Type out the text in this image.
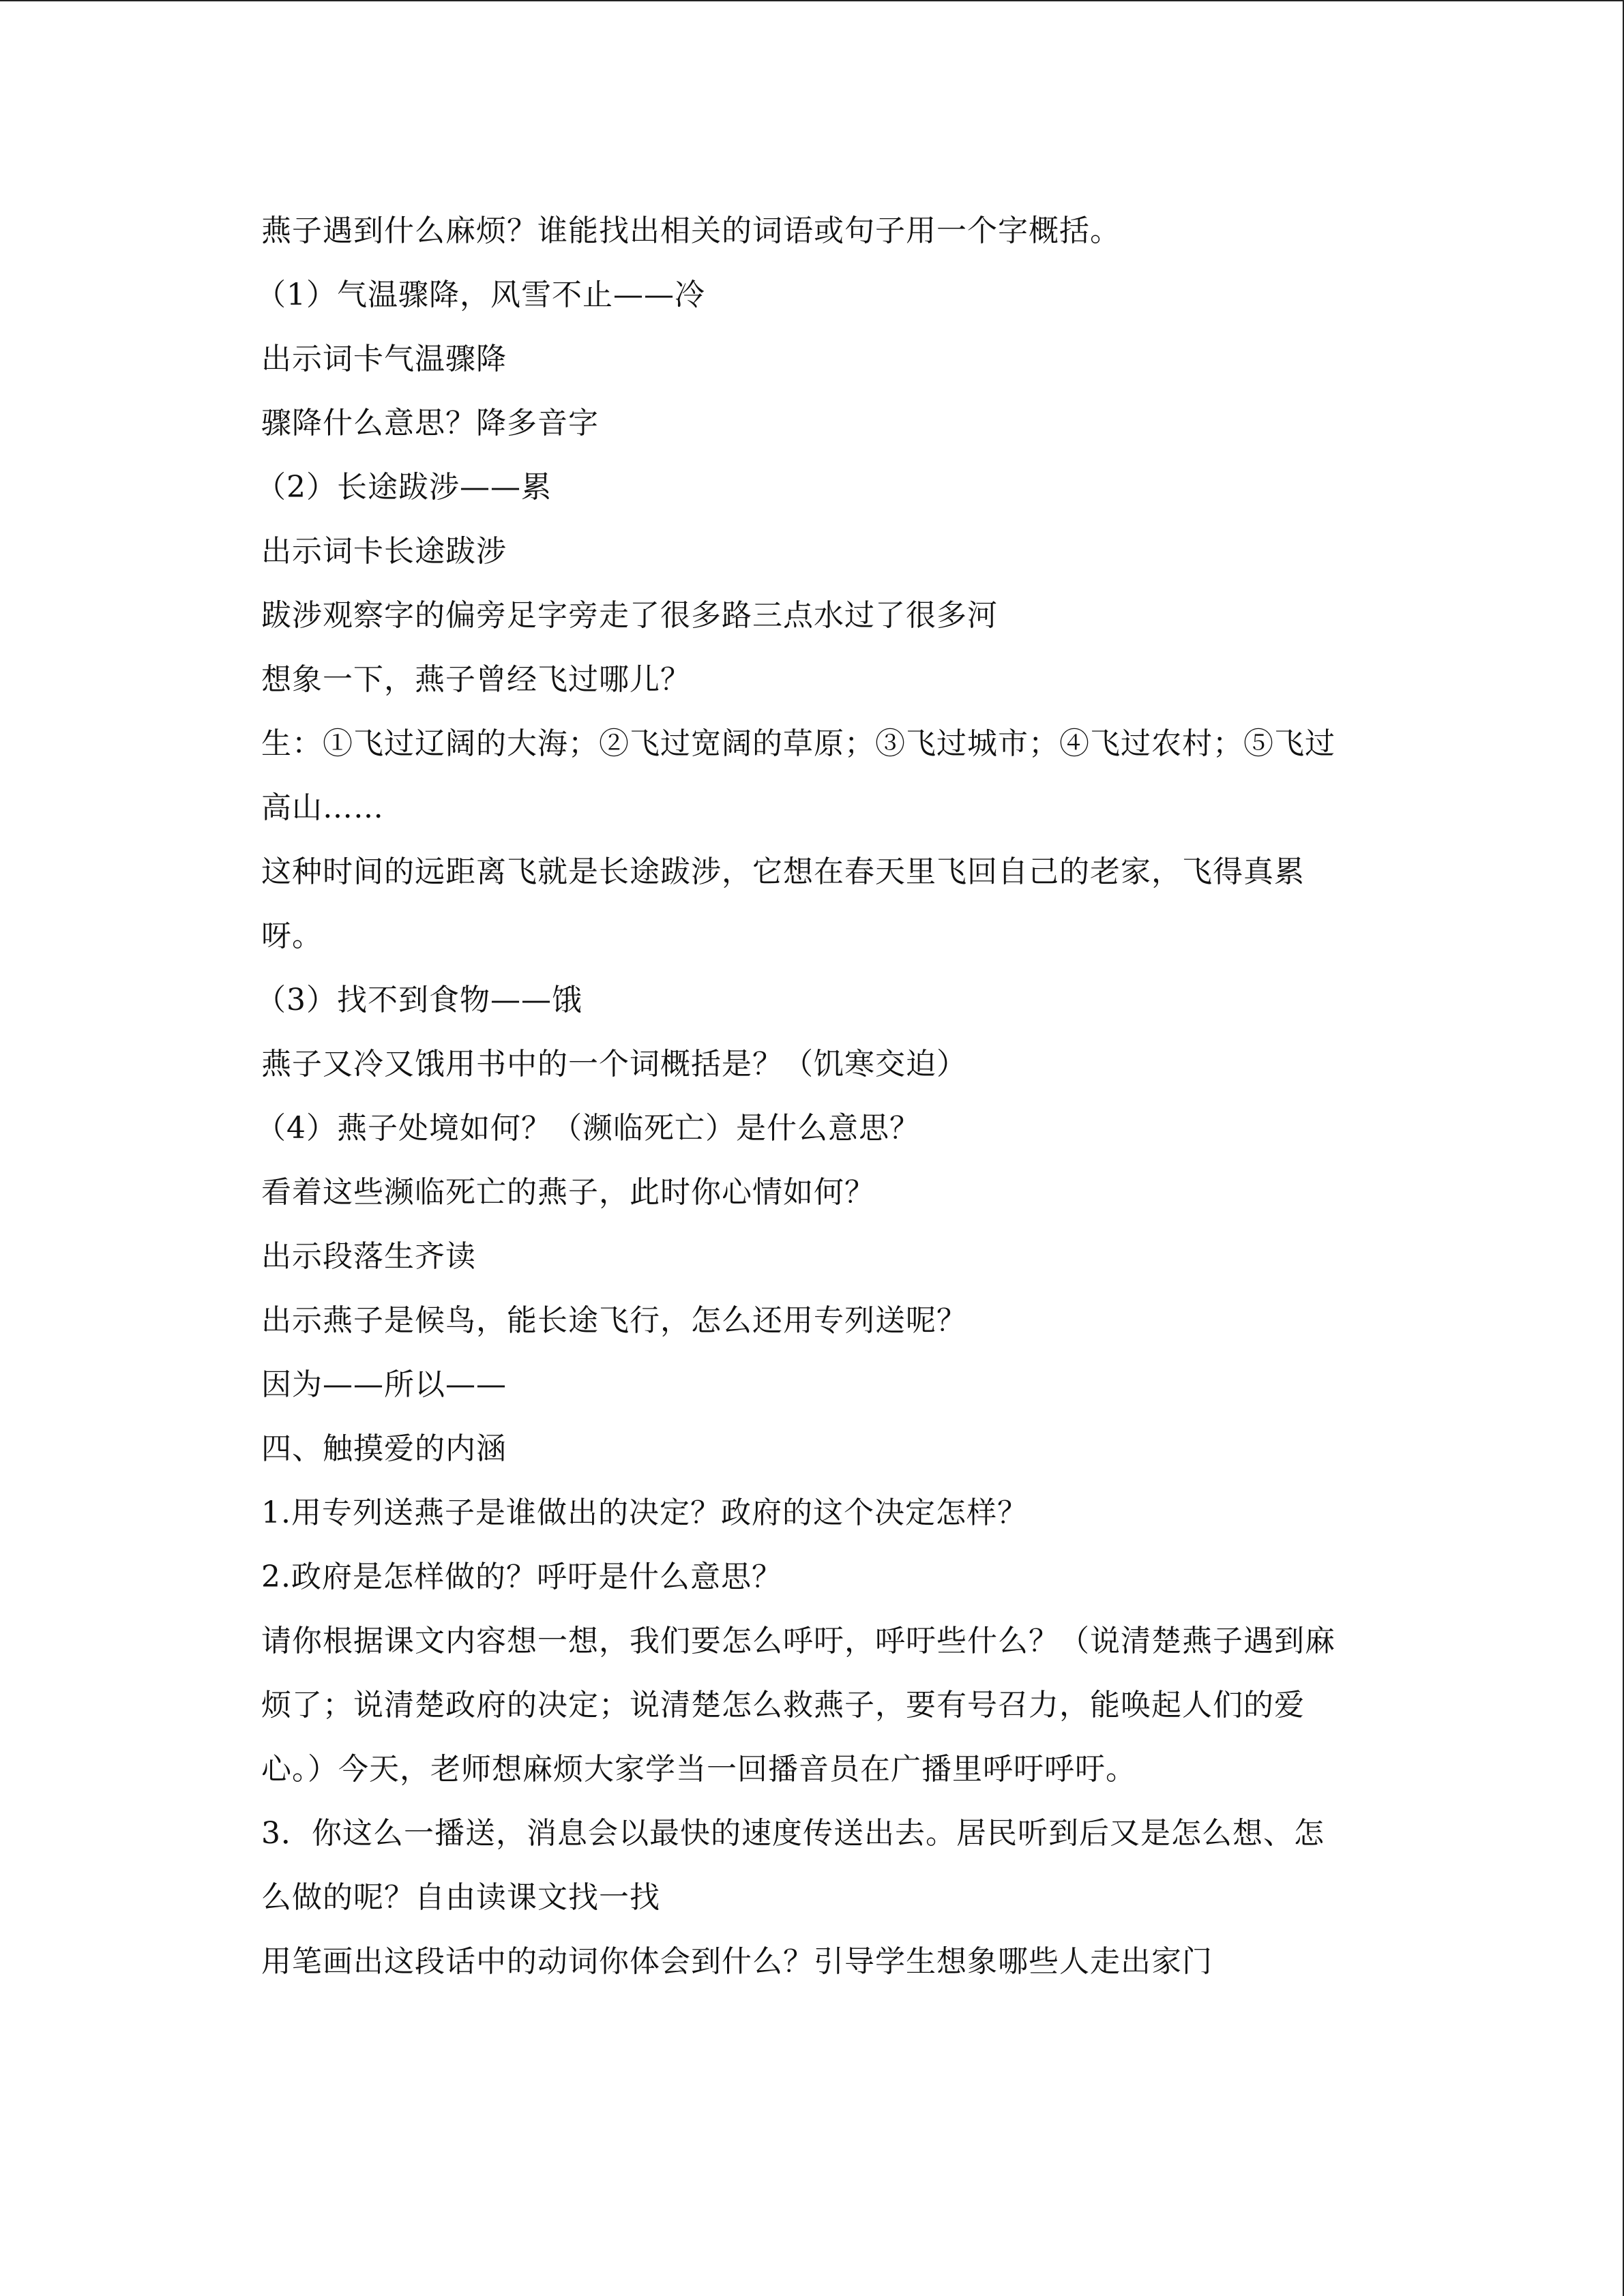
燕子遇到什么麻烦？谁能找出相关的词语或句子用一个字概括。

（1）气温骤降，风雪不止——冷

出示词卡气温骤降

骤降什么意思？降多音字

（2）长途跋涉——累

出示词卡长途跋涉

跋涉观察字的偏旁足字旁走了很多路三点水过了很多河

想象一下，燕子曾经飞过哪儿？

生：①飞过辽阔的大海；②飞过宽阔的草原；③飞过城市；④飞过农村；⑤飞过高山……

这种时间的远距离飞就是长途跋涉，它想在春天里飞回自己的老家，飞得真累呀。

（3）找不到食物——饿

燕子又冷又饿用书中的一个词概括是？（饥寒交迫）

（4）燕子处境如何？（濒临死亡）是什么意思？

看着这些濒临死亡的燕子，此时你心情如何？

出示段落生齐读

出示燕子是候鸟，能长途飞行，怎么还用专列送呢？

因为——所以——

四、触摸爱的内涵

1.用专列送燕子是谁做出的决定？政府的这个决定怎样？

2.政府是怎样做的？呼吁是什么意思？

请你根据课文内容想一想，我们要怎么呼吁，呼吁些什么？（说清楚燕子遇到麻烦了；说清楚政府的决定；说清楚怎么救燕子，要有号召力，能唤起人们的爱心。）今天，老师想麻烦大家学当一回播音员在广播里呼吁呼吁。

3．你这么一播送，消息会以最快的速度传送出去。居民听到后又是怎么想、怎么做的呢？自由读课文找一找

用笔画出这段话中的动词你体会到什么？引导学生想象哪些人走出家门
